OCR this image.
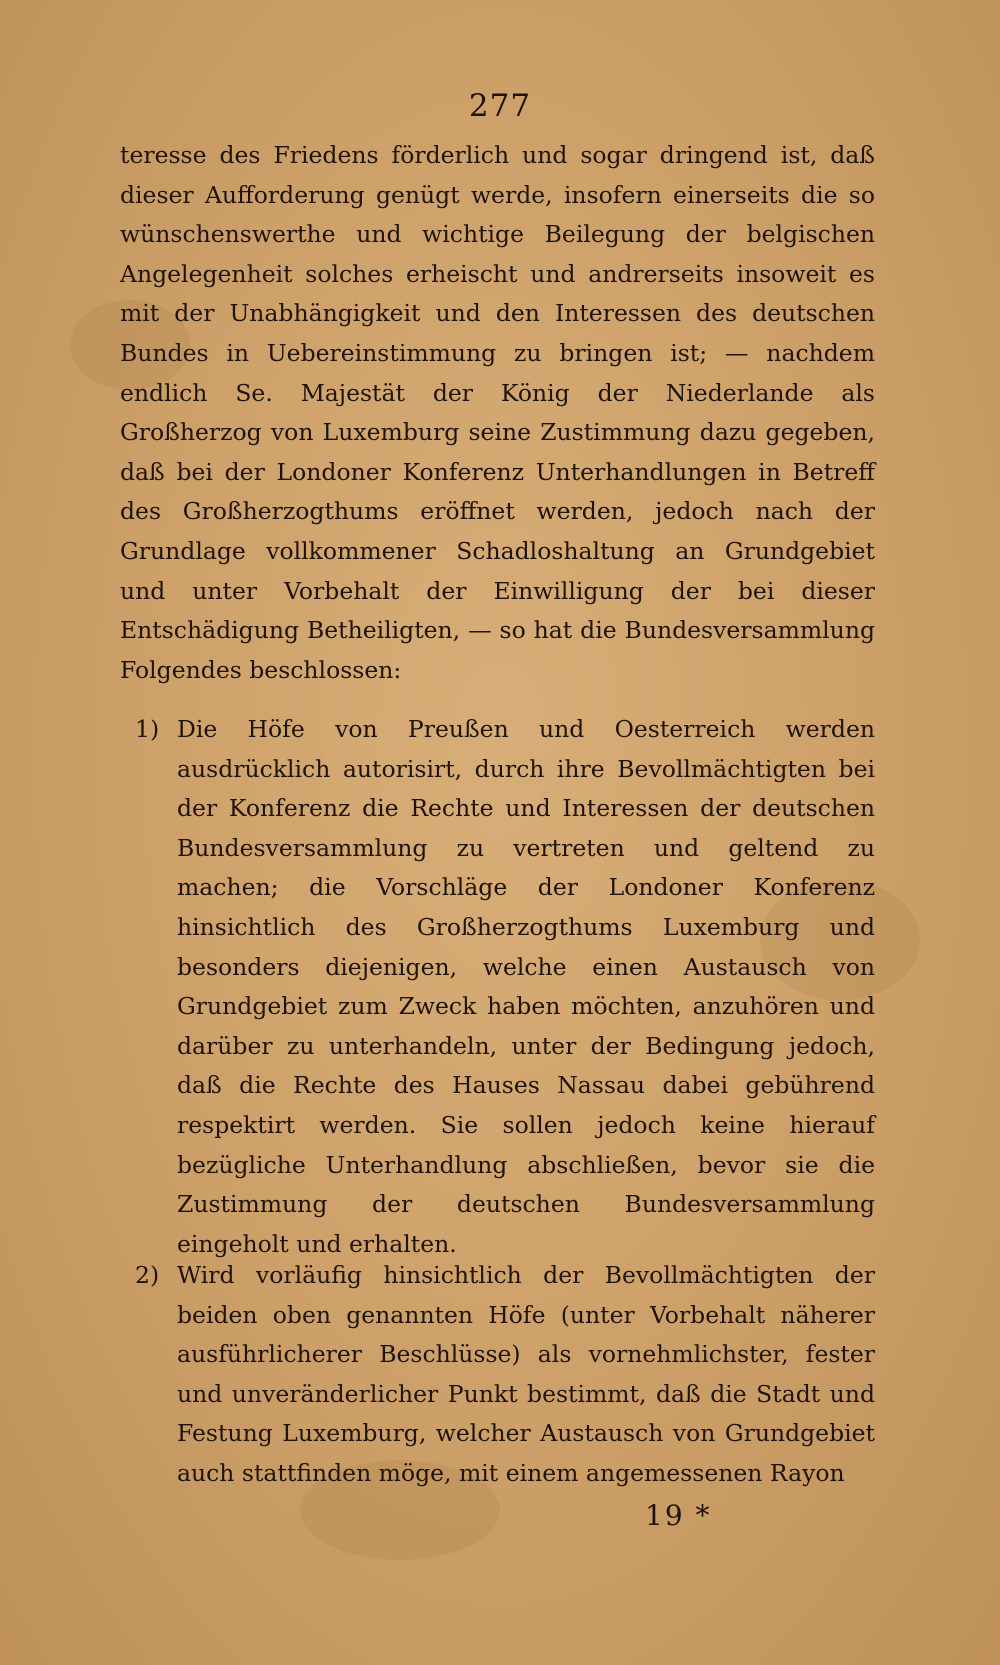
277
teresse des Friedens förderlich und sogar dringend ist, daß dieser Aufforderung genügt werde, insofern einerseits die so wünschenswerthe und wichtige Beilegung der belgischen Angelegenheit solches erheischt und andrerseits insoweit es mit der Unabhängigkeit und den Interessen des deutschen Bundes in Uebereinstimmung zu bringen ist; — nachdem endlich Se. Majestät der König der Niederlande als Großherzog von Luxemburg seine Zustimmung dazu gegeben, daß bei der Londoner Konferenz Unterhandlungen in Betreff des Großherzogthums eröffnet werden, jedoch nach der Grundlage vollkommener Schadloshaltung an Grundgebiet und unter Vorbehalt der Einwilligung der bei dieser Entschädigung Betheiligten, — so hat die Bundesversammlung Folgendes beschlossen:
1) Die Höfe von Preußen und Oesterreich werden ausdrücklich autorisirt, durch ihre Bevollmächtigten bei der Konferenz die Rechte und Interessen der deutschen Bundesversammlung zu vertreten und geltend zu machen; die Vorschläge der Londoner Konferenz hinsichtlich des Großherzogthums Luxemburg und besonders diejenigen, welche einen Austausch von Grundgebiet zum Zweck haben möchten, anzuhören und darüber zu unterhandeln, unter der Bedingung jedoch, daß die Rechte des Hauses Nassau dabei gebührend respektirt werden. Sie sollen jedoch keine hierauf bezügliche Unterhandlung abschließen, bevor sie die Zustimmung der deutschen Bundesversammlung eingeholt und erhalten.
2) Wird vorläufig hinsichtlich der Bevollmächtigten der beiden oben genannten Höfe (unter Vorbehalt näherer ausführlicherer Beschlüsse) als vornehmlichster, fester und unveränderlicher Punkt bestimmt, daß die Stadt und Festung Luxemburg, welcher Austausch von Grundgebiet auch stattfinden möge, mit einem angemessenen Rayon
19 *
